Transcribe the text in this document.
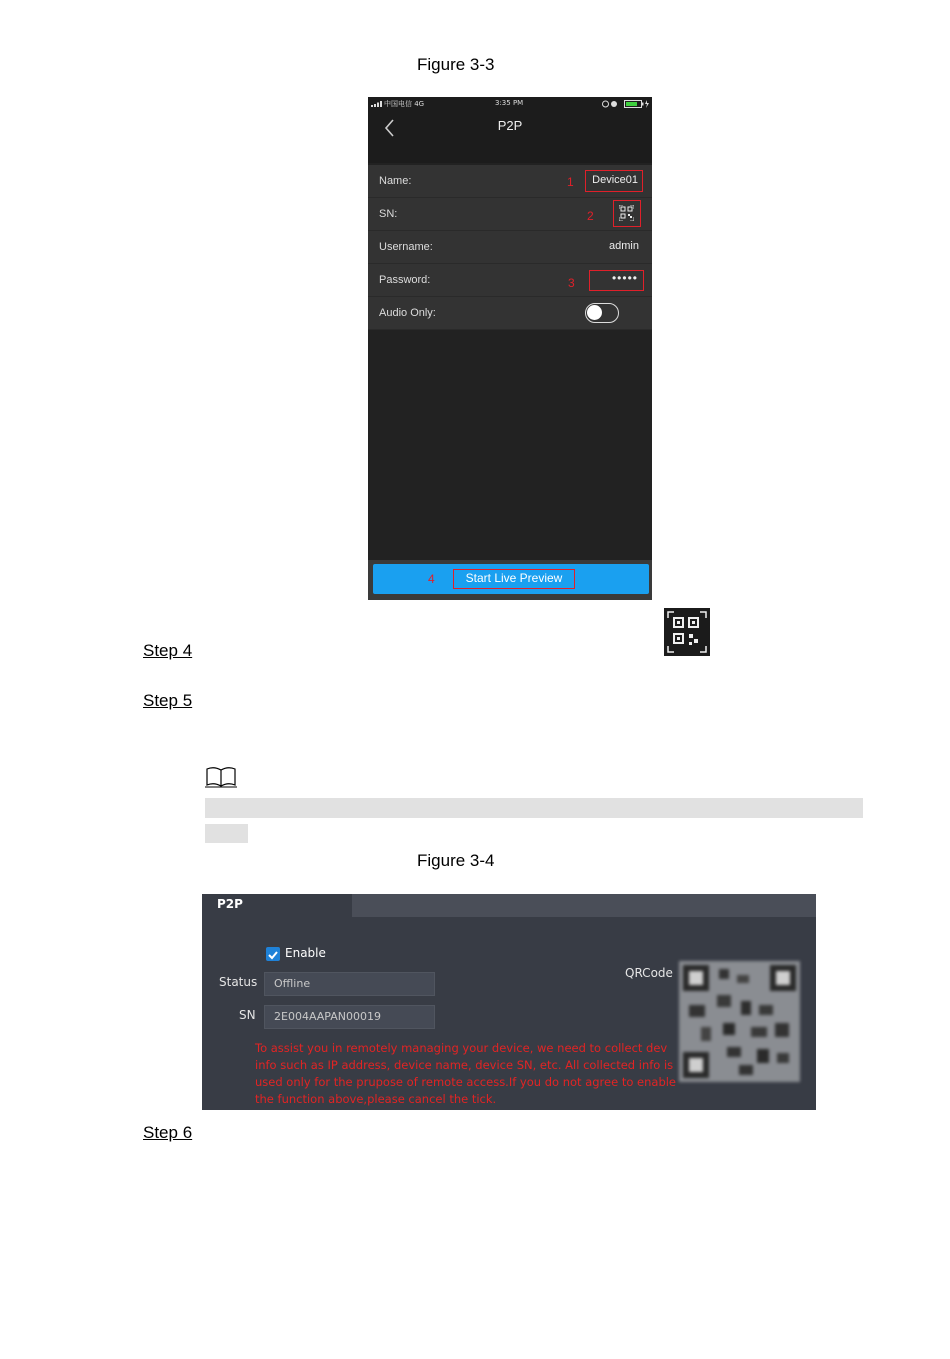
Figure 3-3
中国电信 4G	3:35 PM
P2P
Name:	1 Device01
SN:	2
Username:	admin
Password:	3	•••••
Audio Only:
4	Start Live Preview
Step 4
Step 5
Figure 3-4
P2P
Enable
Status	Offline
SN	2E004AAPAN00019
QRCode
To assist you in remotely managing your device, we need to collect dev
info such as IP address, device name, device SN, etc. All collected info is
used only for the prupose of remote access.If you do not agree to enable
the function above,please cancel the tick.
Step 6
